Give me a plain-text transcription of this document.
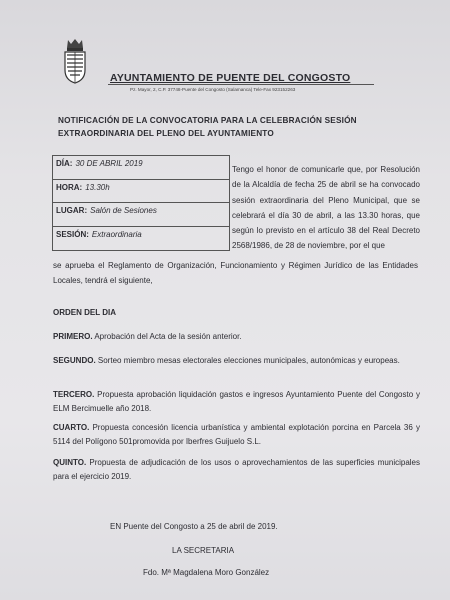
AYUNTAMIENTO DE PUENTE DEL CONGOSTO
Pz. Mayor, 2, C.P. 37748-Puente del Congosto (Salamanca) Tele-Fax 923152263
NOTIFICACIÓN DE LA CONVOCATORIA PARA LA CELEBRACIÓN SESIÓN EXTRAORDINARIA DEL PLENO DEL AYUNTAMIENTO
DÍA: 30 DE ABRIL 2019
HORA: 13.30h
LUGAR: Salón de Sesiones
SESIÓN: Extraordinaria
Tengo el honor de comunicarle que, por Resolución de la Alcaldía de fecha 25 de abril se ha convocado sesión extraordinaria del Pleno Municipal, que se celebrará el día 30 de abril, a las 13.30 horas, que según lo previsto en el artículo 38 del Real Decreto 2568/1986, de 28 de noviembre, por el que
se aprueba el Reglamento de Organización, Funcionamiento y Régimen Jurídico de las Entidades Locales, tendrá el siguiente,
ORDEN DEL DIA
PRIMERO. Aprobación del Acta de la sesión anterior.
SEGUNDO. Sorteo miembro mesas electorales elecciones municipales, autonómicas y europeas.
TERCERO. Propuesta aprobación liquidación gastos e ingresos Ayuntamiento Puente del Congosto y ELM Bercimuelle año 2018.
CUARTO. Propuesta concesión licencia urbanística y ambiental explotación porcina en Parcela 36 y 5114 del Polígono 501promovida por Iberfres Guijuelo S.L.
QUINTO. Propuesta de adjudicación de los usos o aprovechamientos de las superficies municipales para el ejercicio 2019.
EN Puente del Congosto a 25 de abril de 2019.
LA SECRETARIA
Fdo. Mª Magdalena Moro González
